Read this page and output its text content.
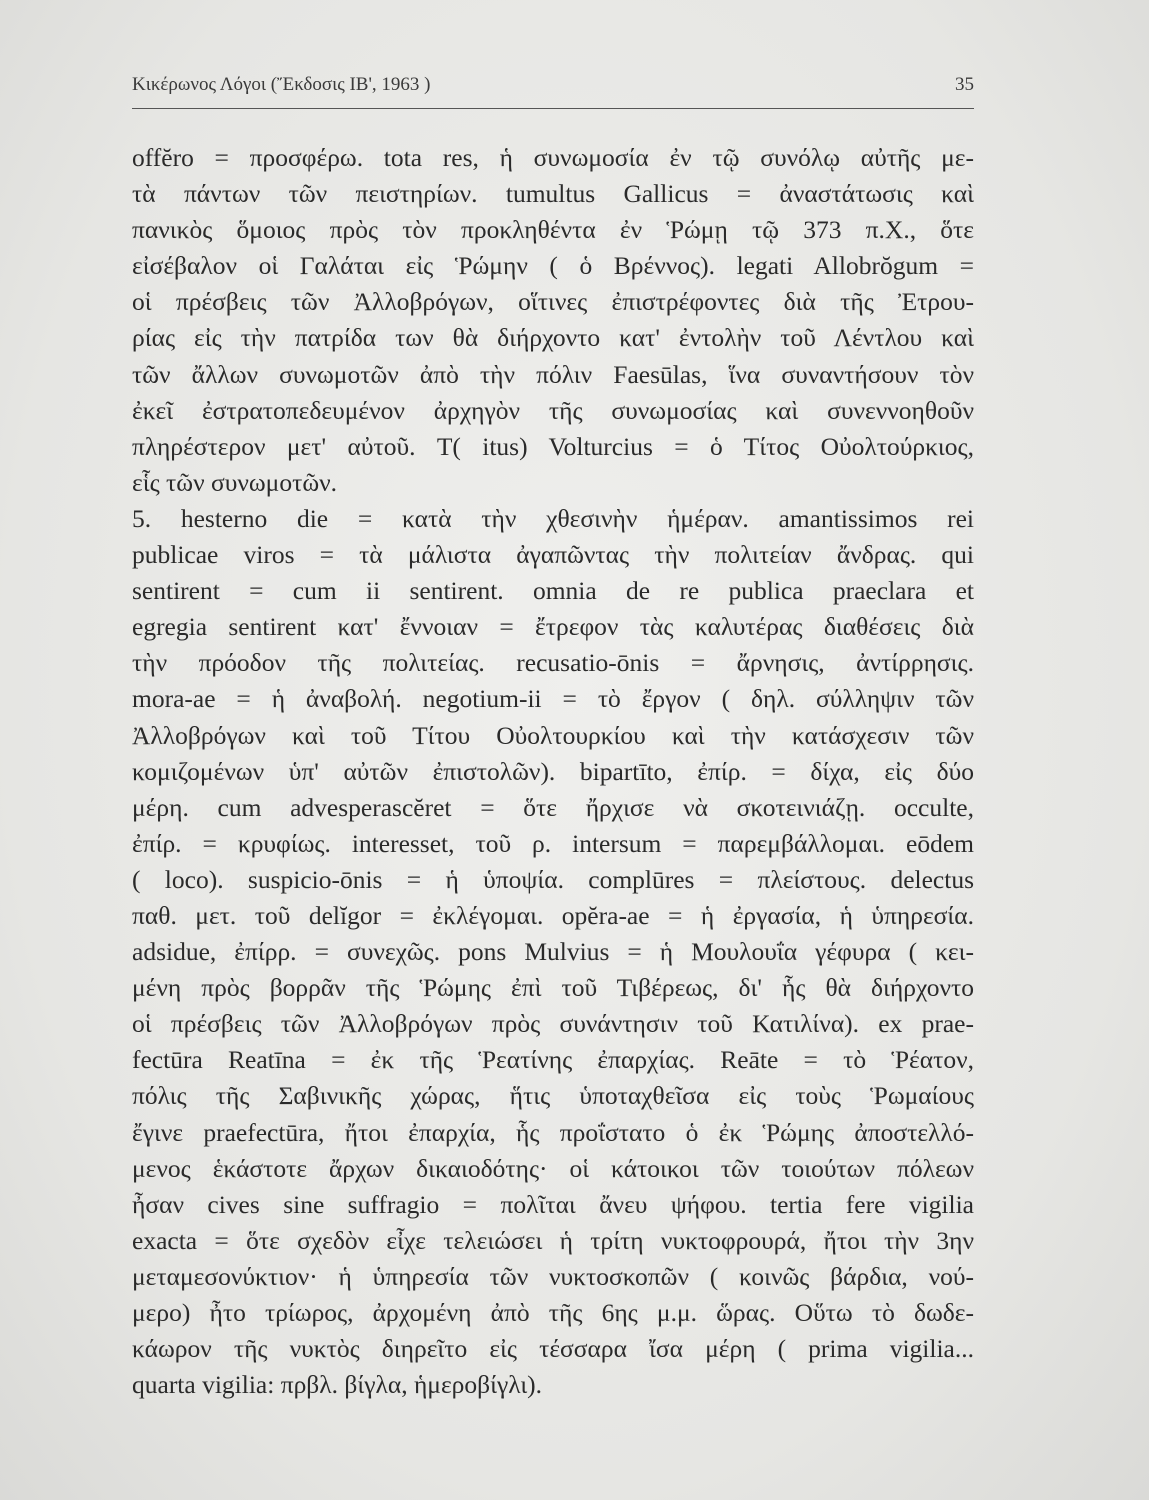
Κικέρωνος Λόγοι (Ἔκδοσις ΙΒ', 1963 )	35
offĕro = προσφέρω. tota res, ἡ συνωμοσία ἐν τῷ συνόλῳ αὐτῆς με-
τὰ πάντων τῶν πειστηρίων. tumultus Gallicus = ἀναστάτωσις καὶ
πανικὸς ὅμοιος πρὸς τὸν προκληθέντα ἐν Ῥώμῃ τῷ 373 π.Χ., ὅτε
εἰσέβαλον οἱ Γαλάται εἰς Ῥώμην ( ὁ Βρέννος). legati Allobrŏgum =
οἱ πρέσβεις τῶν Ἀλλοβρόγων, οἵτινες ἐπιστρέφοντες διὰ τῆς Ἐτρου-
ρίας εἰς τὴν πατρίδα των θὰ διήρχοντο κατ' ἐντολὴν τοῦ Λέντλου καὶ
τῶν ἄλλων συνωμοτῶν ἀπὸ τὴν πόλιν Faesūlas, ἵνα συναντήσουν τὸν
ἐκεῖ ἐστρατοπεδευμένον ἀρχηγὸν τῆς συνωμοσίας καὶ συνεννοηθοῦν
πληρέστερον μετ' αὐτοῦ. T( itus) Volturcius = ὁ Τίτος Οὐολτούρκιος,
εἷς τῶν συνωμοτῶν.
5. hesterno die = κατὰ τὴν χθεσινὴν ἡμέραν. amantissimos rei
publicae viros = τὰ μάλιστα ἀγαπῶντας τὴν πολιτείαν ἄνδρας. qui
sentirent = cum ii sentirent. omnia de re publica praeclara et
egregia sentirent κατ' ἔννοιαν = ἔτρεφον τὰς καλυτέρας διαθέσεις διὰ
τὴν πρόοδον τῆς πολιτείας. recusatio-ōnis = ἄρνησις, ἀντίρρησις.
mora-ae = ἡ ἀναβολή. negotium-ii = τὸ ἔργον ( δηλ. σύλληψιν τῶν
Ἀλλοβρόγων καὶ τοῦ Τίτου Οὐολτουρκίου καὶ τὴν κατάσχεσιν τῶν
κομιζομένων ὑπ' αὐτῶν ἐπιστολῶν). bipartīto, ἐπίρ. = δίχα, εἰς δύο
μέρη. cum advesperascĕret = ὅτε ἤρχισε νὰ σκοτεινιάζῃ. occulte,
ἐπίρ. = κρυφίως. interesset, τοῦ ρ. intersum = παρεμβάλλομαι. eōdem
( loco). suspicio-ōnis = ἡ ὑποψία. complūres = πλείστους. delectus
παθ. μετ. τοῦ delĭgor = ἐκλέγομαι. opĕra-ae = ἡ ἐργασία, ἡ ὑπηρεσία.
adsidue, ἐπίρρ. = συνεχῶς. pons Mulvius = ἡ Μουλουΐα γέφυρα ( κει-
μένη πρὸς βορρᾶν τῆς Ῥώμης ἐπὶ τοῦ Τιβέρεως, δι' ἧς θὰ διήρχοντο
οἱ πρέσβεις τῶν Ἀλλοβρόγων πρὸς συνάντησιν τοῦ Κατιλίνα). ex prae-
fectūra Reatīna = ἐκ τῆς Ῥεατίνης ἐπαρχίας. Reāte = τὸ Ῥέατον,
πόλις τῆς Σαβινικῆς χώρας, ἥτις ὑποταχθεῖσα εἰς τοὺς Ῥωμαίους
ἔγινε praefectūra, ἤτοι ἐπαρχία, ἧς προΐστατο ὁ ἐκ Ῥώμης ἀποστελλό-
μενος ἑκάστοτε ἄρχων δικαιοδότης· οἱ κάτοικοι τῶν τοιούτων πόλεων
ἦσαν cives sine suffragio = πολῖται ἄνευ ψήφου. tertia fere vigilia
exacta = ὅτε σχεδὸν εἶχε τελειώσει ἡ τρίτη νυκτοφρουρά, ἤτοι τὴν 3ην
μεταμεσονύκτιον· ἡ ὑπηρεσία τῶν νυκτοσκοπῶν ( κοινῶς βάρδια, νού-
μερο) ἦτο τρίωρος, ἀρχομένη ἀπὸ τῆς 6ης μ.μ. ὥρας. Οὕτω τὸ δωδε-
κάωρον τῆς νυκτὸς διηρεῖτο εἰς τέσσαρα ἴσα μέρη ( prima vigilia...
quarta vigilia: πρβλ. βίγλα, ἡμεροβίγλι).
